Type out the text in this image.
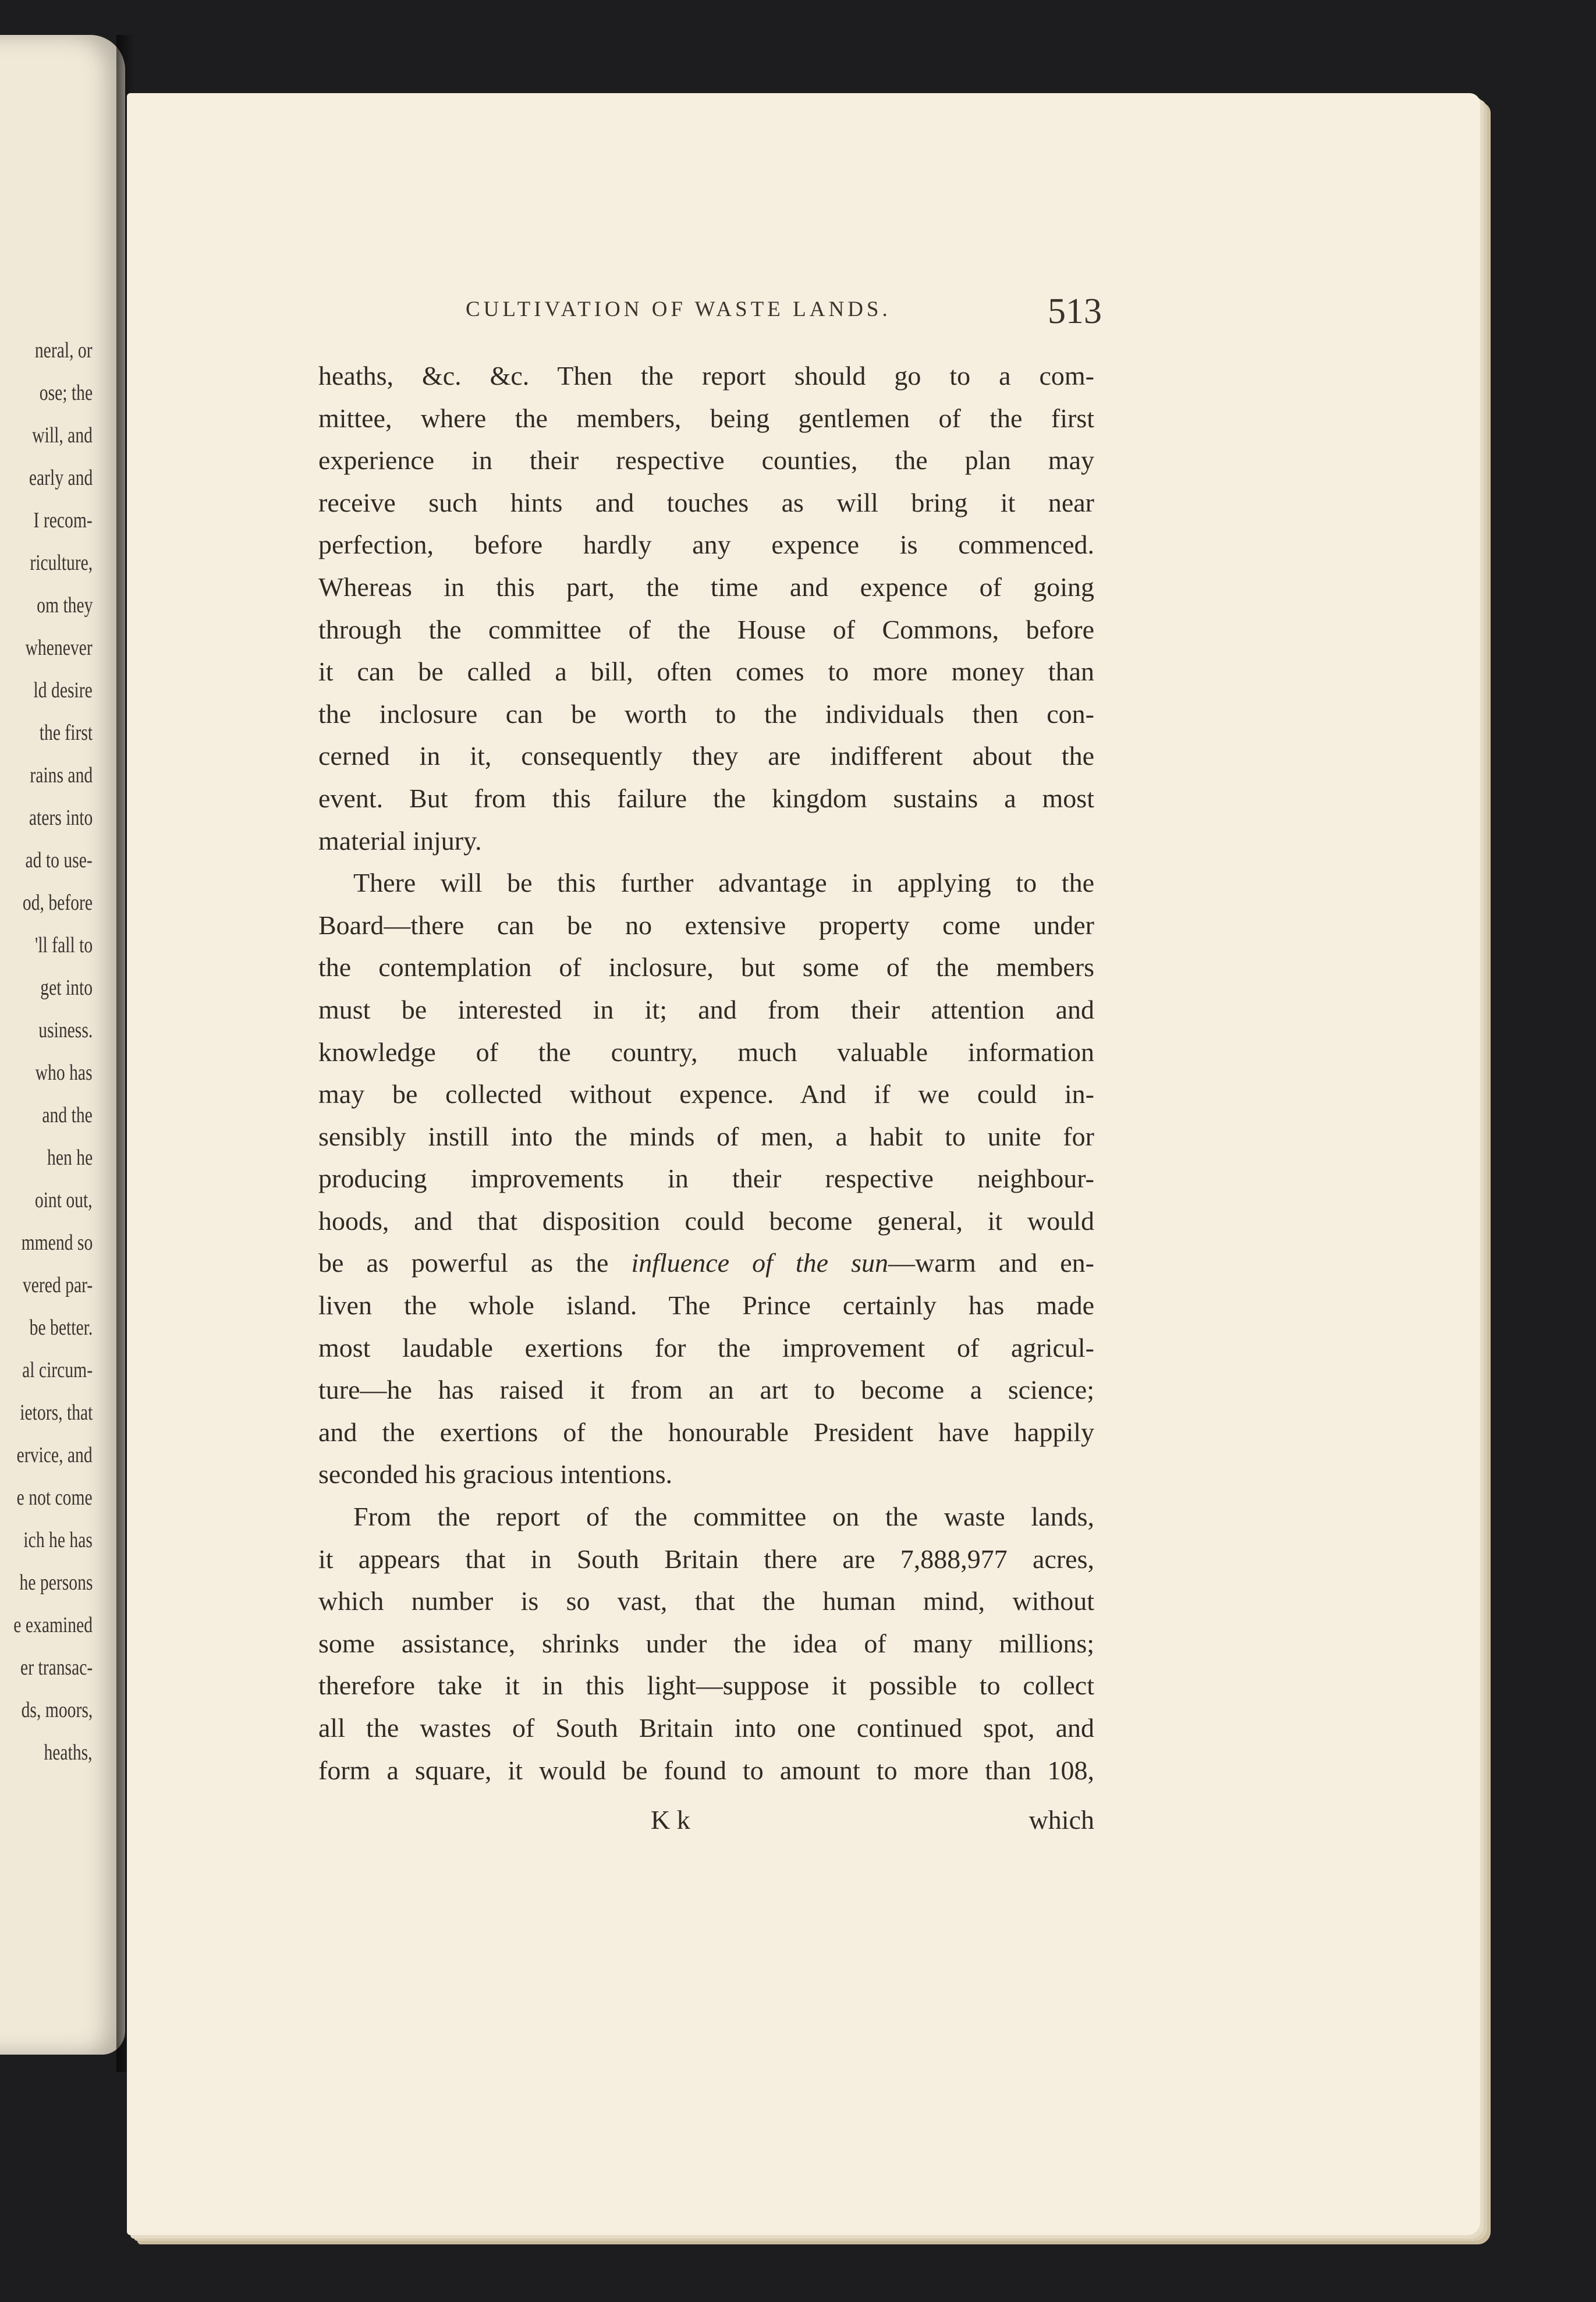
neral, or
ose; the
will, and
early and
I recom-
riculture,
om they
whenever
ld desire
the first
rains and
aters into
ad to use-
od, before
'll fall to
get into
usiness.
who has
and the
hen he
oint out,
mmend so
vered par-
be better.
al circum-
ietors, that
ervice, and
e not come
ich he has
he persons
e examined
er transac-
ds, moors,
heaths,
CULTIVATION OF WASTE LANDS.	513
heaths, &c. &c. Then the report should go to a com-
mittee, where the members, being gentlemen of the first
experience in their respective counties, the plan may
receive such hints and touches as will bring it near
perfection, before hardly any expence is commenced.
Whereas in this part, the time and expence of going
through the committee of the House of Commons, before
it can be called a bill, often comes to more money than
the inclosure can be worth to the individuals then con-
cerned in it, consequently they are indifferent about the
event. But from this failure the kingdom sustains a most
material injury.
There will be this further advantage in applying to the
Board—there can be no extensive property come under
the contemplation of inclosure, but some of the members
must be interested in it; and from their attention and
knowledge of the country, much valuable information
may be collected without expence. And if we could in-
sensibly instill into the minds of men, a habit to unite for
producing improvements in their respective neighbour-
hoods, and that disposition could become general, it would
be as powerful as the influence of the sun—warm and en-
liven the whole island. The Prince certainly has made
most laudable exertions for the improvement of agricul-
ture—he has raised it from an art to become a science;
and the exertions of the honourable President have happily
seconded his gracious intentions.
From the report of the committee on the waste lands,
it appears that in South Britain there are 7,888,977 acres,
which number is so vast, that the human mind, without
some assistance, shrinks under the idea of many millions;
therefore take it in this light—suppose it possible to collect
all the wastes of South Britain into one continued spot, and
form a square, it would be found to amount to more than 108,
K k	which
